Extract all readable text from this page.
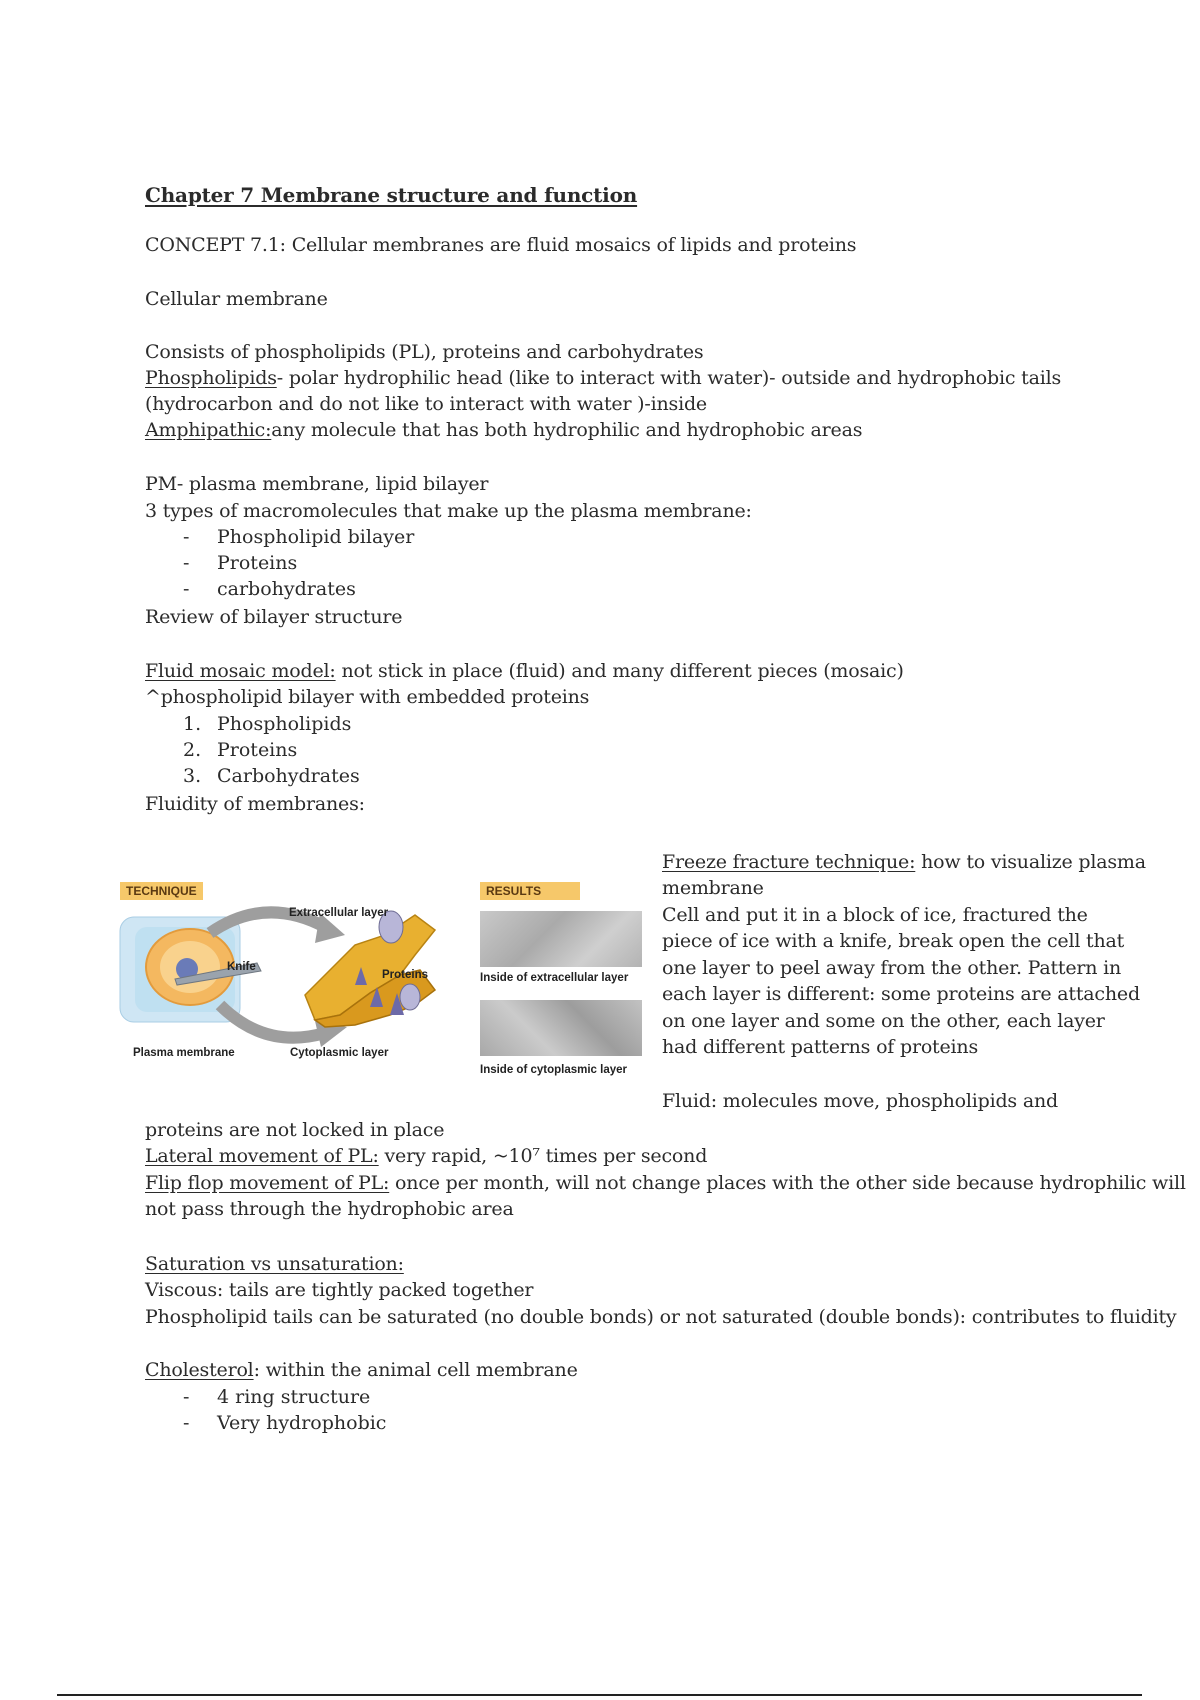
Chapter 7 Membrane structure and function
CONCEPT 7.1: Cellular membranes are fluid mosaics of lipids and proteins
Cellular membrane
Consists of phospholipids (PL), proteins and carbohydrates
Phospholipids- polar hydrophilic head (like to interact with water)- outside and hydrophobic tails
(hydrocarbon and do not like to interact with water )-inside
Amphipathic:any molecule that has both hydrophilic and hydrophobic areas
PM- plasma membrane, lipid bilayer
3 types of macromolecules that make up the plasma membrane:
- Phospholipid bilayer
- Proteins
- carbohydrates
Review of bilayer structure
Fluid mosaic model: not stick in place (fluid) and many different pieces (mosaic)
^phospholipid bilayer with embedded proteins
1. Phospholipids
2. Proteins
3. Carbohydrates
Fluidity of membranes:
TECHNIQUE	RESULTS
Extracellular layer
Knife
Proteins
Plasma membrane	Cytoplasmic layer
Inside of extracellular layer
Inside of cytoplasmic layer
Freeze fracture technique: how to visualize plasma
membrane
Cell and put it in a block of ice, fractured the
piece of ice with a knife, break open the cell that
one layer to peel away from the other. Pattern in
each layer is different: some proteins are attached
on one layer and some on the other, each layer
had different patterns of proteins
Fluid: molecules move, phospholipids and
proteins are not locked in place
Lateral movement of PL: very rapid, ~10⁷ times per second
Flip flop movement of PL: once per month, will not change places with the other side because hydrophilic will
not pass through the hydrophobic area
Saturation vs unsaturation:
Viscous: tails are tightly packed together
Phospholipid tails can be saturated (no double bonds) or not saturated (double bonds): contributes to fluidity
Cholesterol: within the animal cell membrane
- 4 ring structure
- Very hydrophobic
